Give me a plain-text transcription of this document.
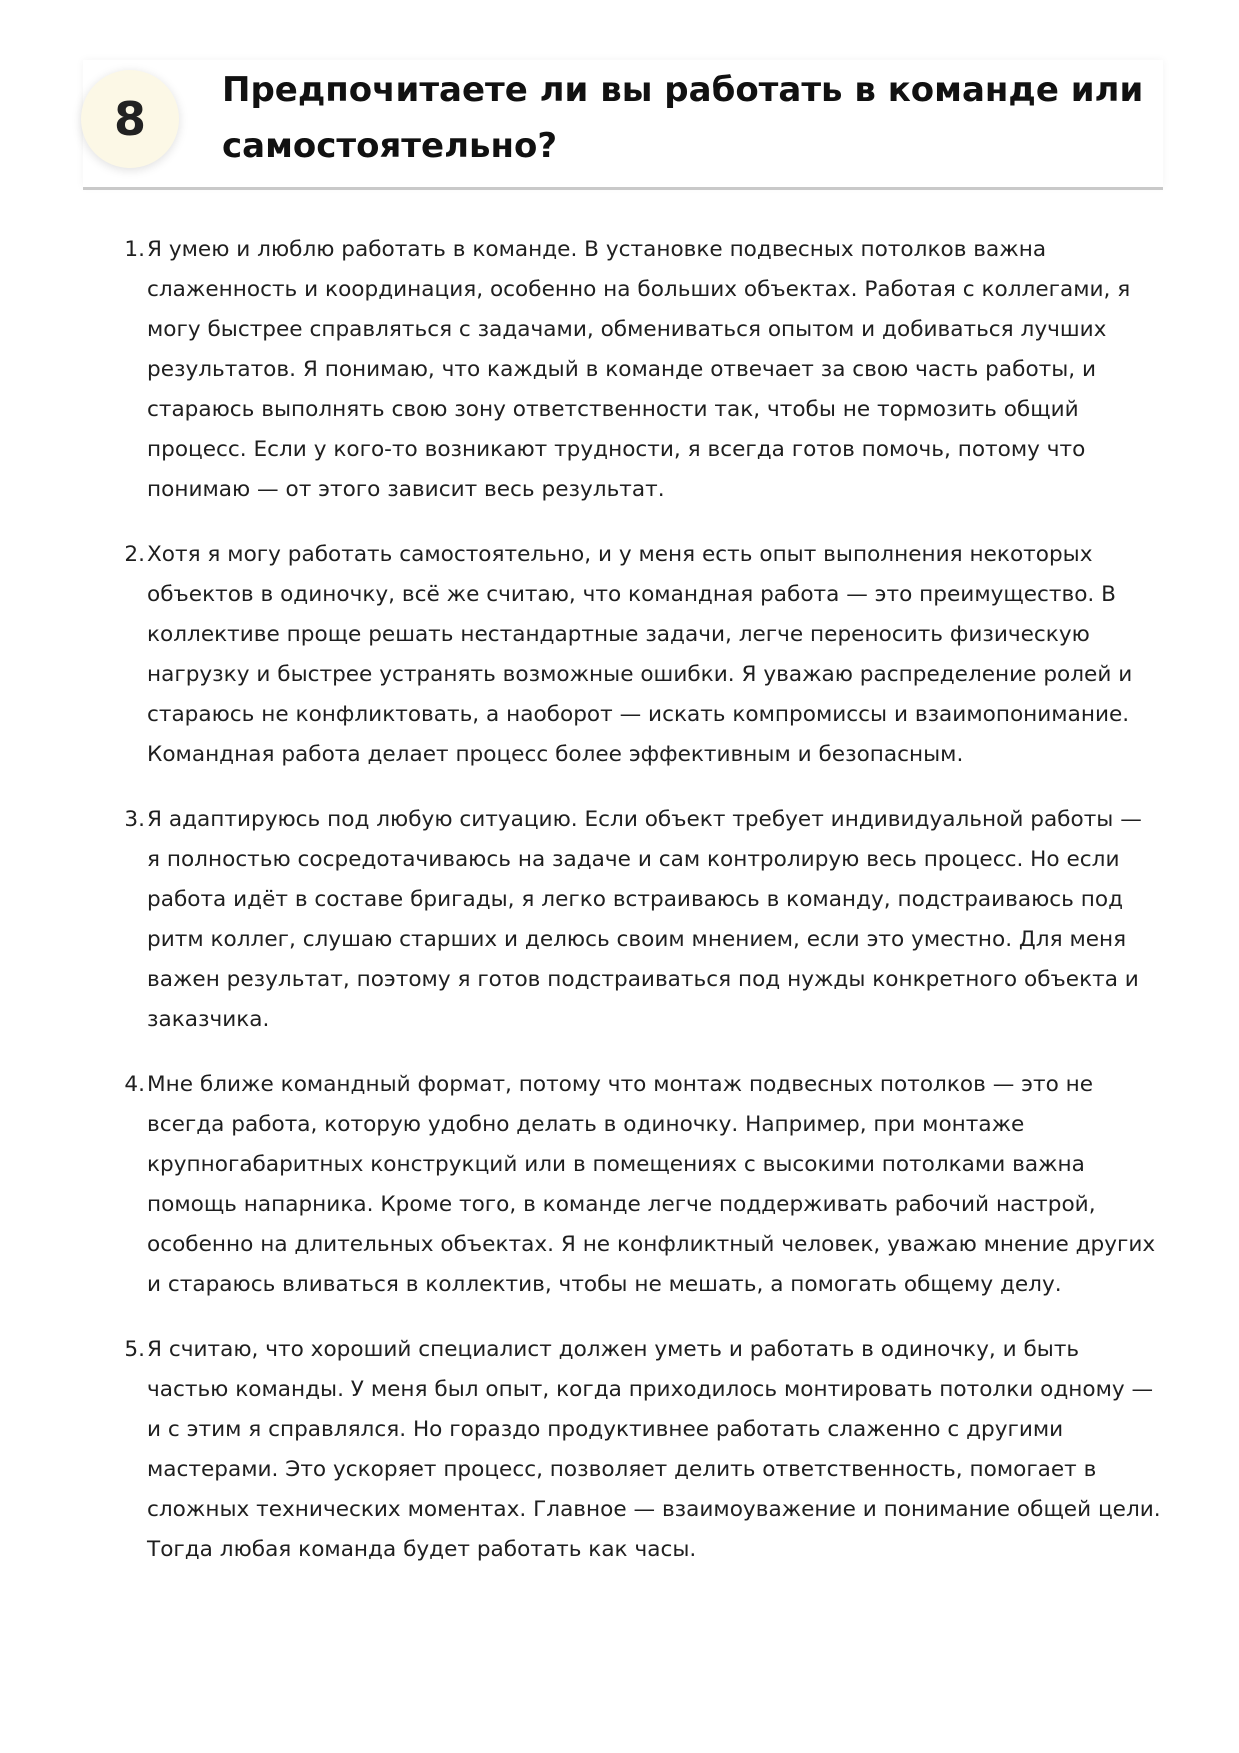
8
Предпочитаете ли вы работать в команде или самостоятельно?
1. Я умею и люблю работать в команде. В установке подвесных потолков важна слаженность и координация, особенно на больших объектах. Работая с коллегами, я могу быстрее справляться с задачами, обмениваться опытом и добиваться лучших результатов. Я понимаю, что каждый в команде отвечает за свою часть работы, и стараюсь выполнять свою зону ответственности так, чтобы не тормозить общий процесс. Если у кого-то возникают трудности, я всегда готов помочь, потому что понимаю — от этого зависит весь результат.

2. Хотя я могу работать самостоятельно, и у меня есть опыт выполнения некоторых объектов в одиночку, всё же считаю, что командная работа — это преимущество. В коллективе проще решать нестандартные задачи, легче переносить физическую нагрузку и быстрее устранять возможные ошибки. Я уважаю распределение ролей и стараюсь не конфликтовать, а наоборот — искать компромиссы и взаимопонимание. Командная работа делает процесс более эффективным и безопасным.

3. Я адаптируюсь под любую ситуацию. Если объект требует индивидуальной работы — я полностью сосредотачиваюсь на задаче и сам контролирую весь процесс. Но если работа идёт в составе бригады, я легко встраиваюсь в команду, подстраиваюсь под ритм коллег, слушаю старших и делюсь своим мнением, если это уместно. Для меня важен результат, поэтому я готов подстраиваться под нужды конкретного объекта и заказчика.

4. Мне ближе командный формат, потому что монтаж подвесных потолков — это не всегда работа, которую удобно делать в одиночку. Например, при монтаже крупногабаритных конструкций или в помещениях с высокими потолками важна помощь напарника. Кроме того, в команде легче поддерживать рабочий настрой, особенно на длительных объектах. Я не конфликтный человек, уважаю мнение других и стараюсь вливаться в коллектив, чтобы не мешать, а помогать общему делу.

5. Я считаю, что хороший специалист должен уметь и работать в одиночку, и быть частью команды. У меня был опыт, когда приходилось монтировать потолки одному — и с этим я справлялся. Но гораздо продуктивнее работать слаженно с другими мастерами. Это ускоряет процесс, позволяет делить ответственность, помогает в сложных технических моментах. Главное — взаимоуважение и понимание общей цели. Тогда любая команда будет работать как часы.
